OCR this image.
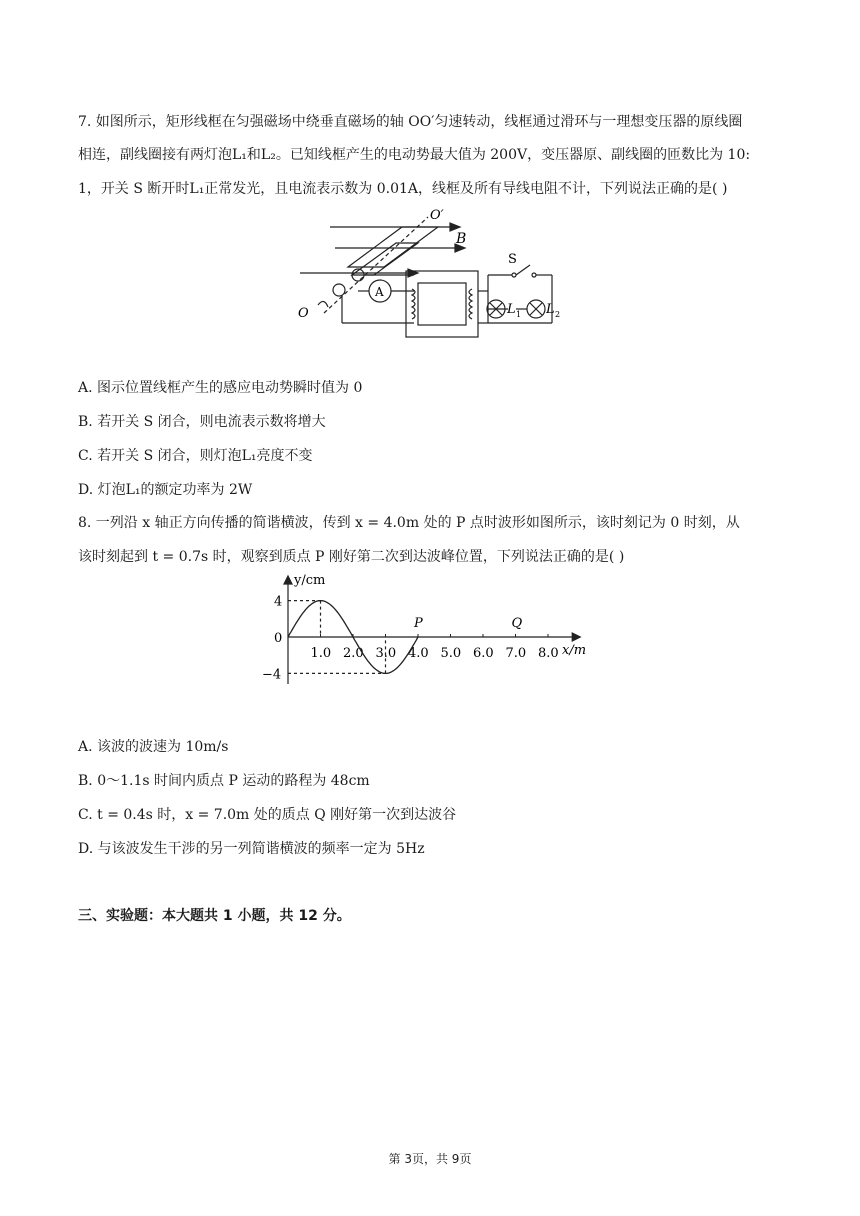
7. 如图所示，矩形线框在匀强磁场中绕垂直磁场的轴 OO′匀速转动，线框通过滑环与一理想变压器的原线圈
相连，副线圈接有两灯泡L₁和L₂。已知线框产生的电动势最大值为 200V，变压器原、副线圈的匝数比为 10:
1，开关 S 断开时L₁正常发光，且电流表示数为 0.01A，线框及所有导线电阻不计，下列说法正确的是( )
O′
B
O
S
A
L 1 L 2
A. 图示位置线框产生的感应电动势瞬时值为 0
B. 若开关 S 闭合，则电流表示数将增大
C. 若开关 S 闭合，则灯泡L₁亮度不变
D. 灯泡L₁的额定功率为 2W
8. 一列沿 x 轴正方向传播的简谐横波，传到 x = 4.0m 处的 P 点时波形如图所示，该时刻记为 0 时刻，从
该时刻起到 t = 0.7s 时，观察到质点 P 刚好第二次到达波峰位置，下列说法正确的是( )
y/cm
x/m
1.0 2.0 3.0 4.0 5.0 6.0 7.0 8.0
4
0
−4
P	Q
A. 该波的波速为 10m/s
B. 0～1.1s 时间内质点 P 运动的路程为 48cm
C. t = 0.4s 时，x = 7.0m 处的质点 Q 刚好第一次到达波谷
D. 与该波发生干涉的另一列简谐横波的频率一定为 5Hz
三、实验题：本大题共 1 小题，共 12 分。
第 3页，共 9页
